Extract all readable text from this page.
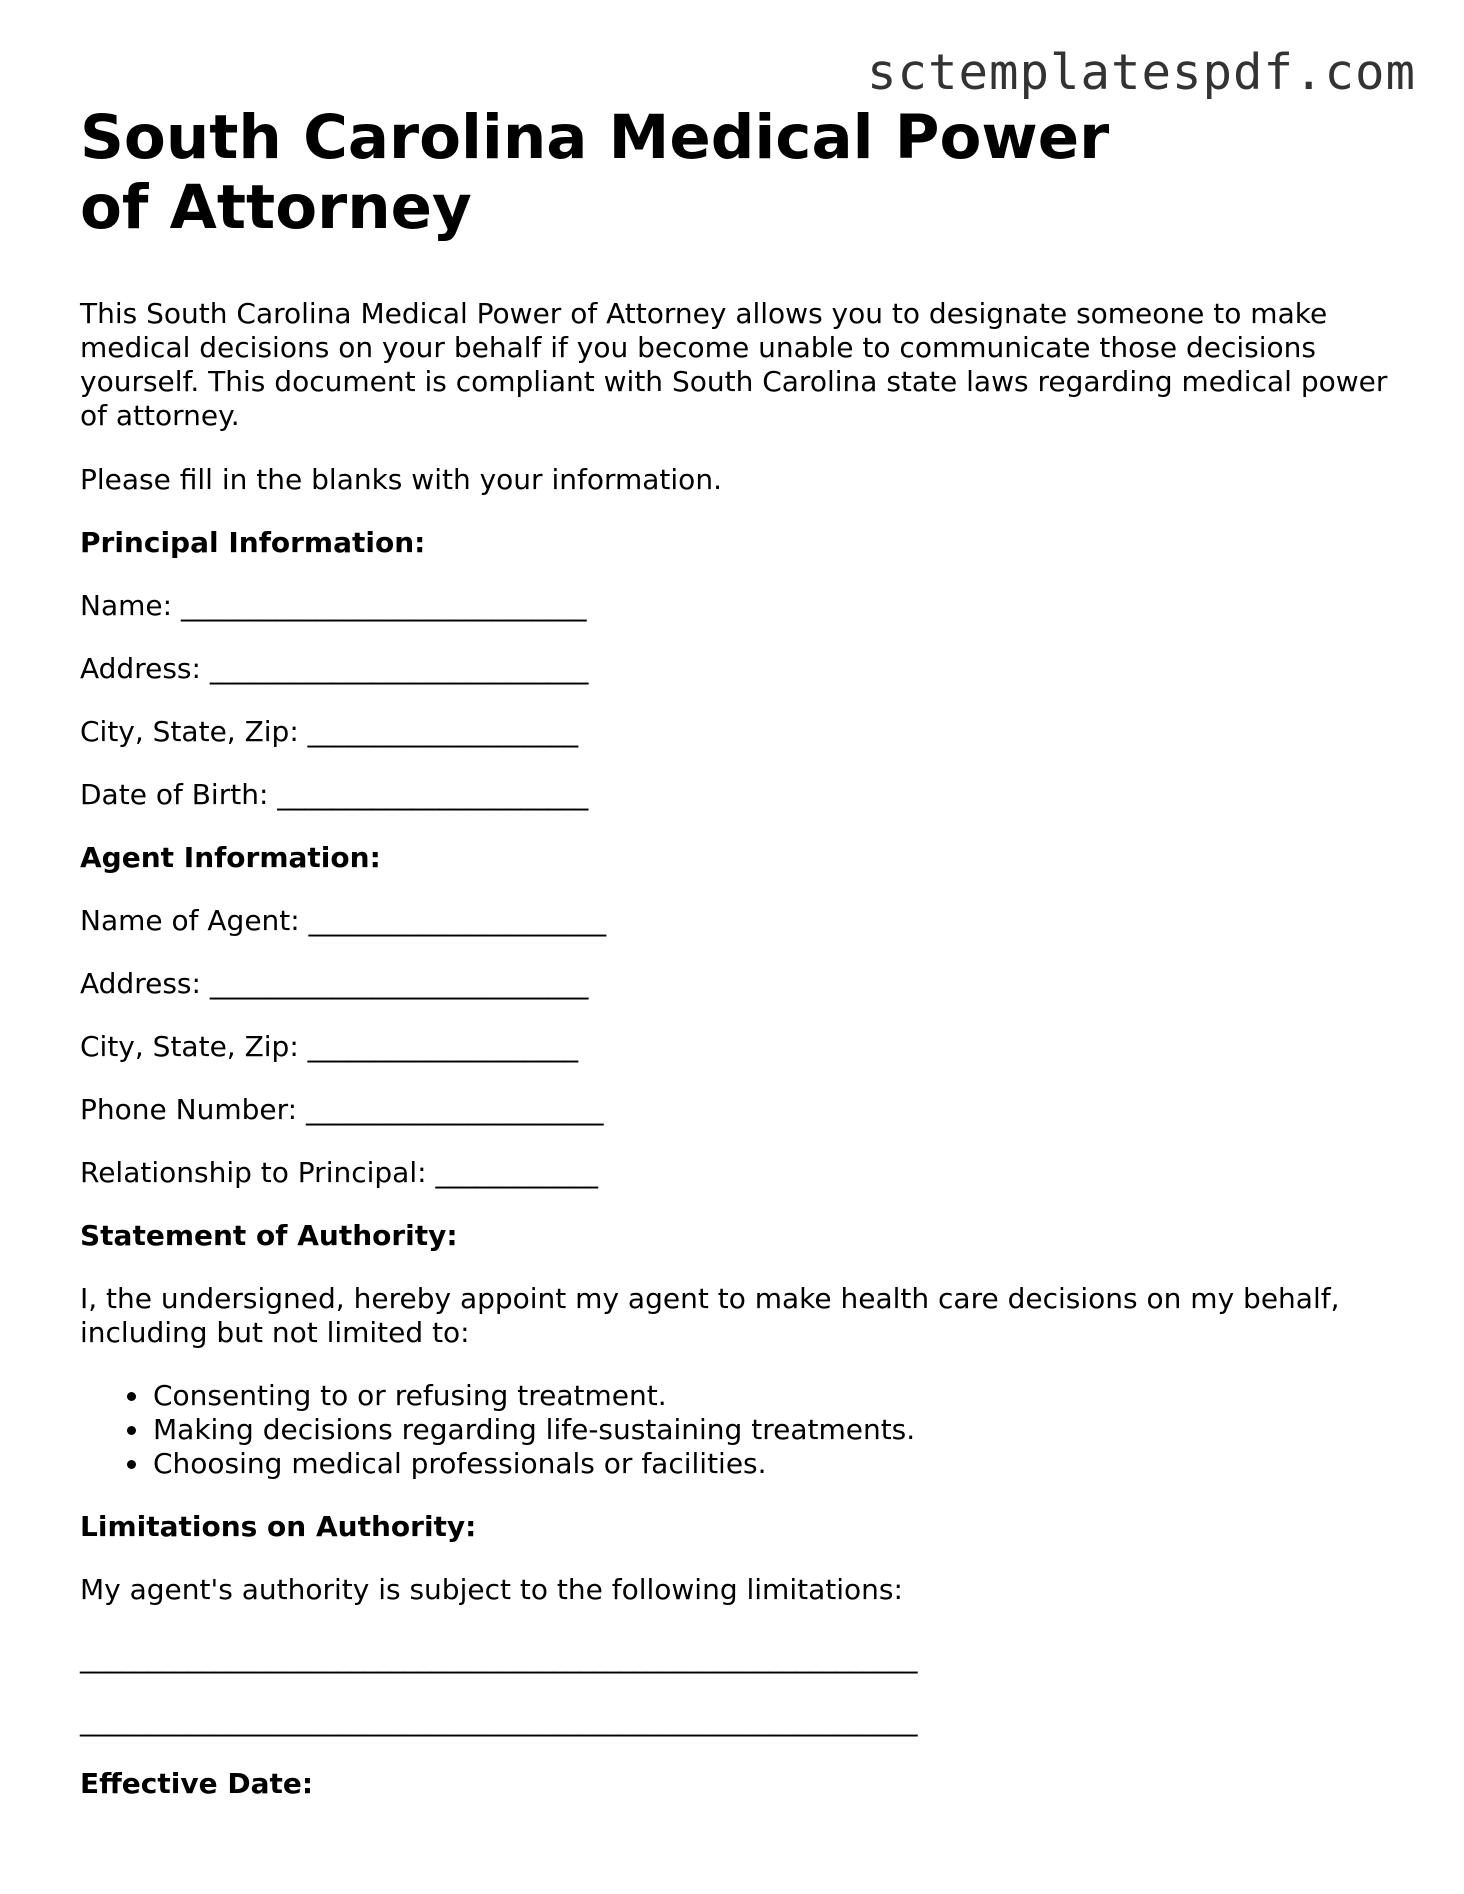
sctemplatespdf.com
South Carolina Medical Power of Attorney

This South Carolina Medical Power of Attorney allows you to designate someone to make medical decisions on your behalf if you become unable to communicate those decisions yourself. This document is compliant with South Carolina state laws regarding medical power of attorney.

Please fill in the blanks with your information.

Principal Information:
Name: ______________________________
Address: ____________________________
City, State, Zip: ____________________
Date of Birth: _______________________
Agent Information:
Name of Agent: ______________________
Address: ____________________________
City, State, Zip: ____________________
Phone Number: ______________________
Relationship to Principal: ____________
Statement of Authority:

I, the undersigned, hereby appoint my agent to make health care decisions on my behalf, including but not limited to:

• Consenting to or refusing treatment.
• Making decisions regarding life-sustaining treatments.
• Choosing medical professionals or facilities.
Limitations on Authority:

My agent's authority is subject to the following limitations:

______________________________________________________________
______________________________________________________________
Effective Date:
